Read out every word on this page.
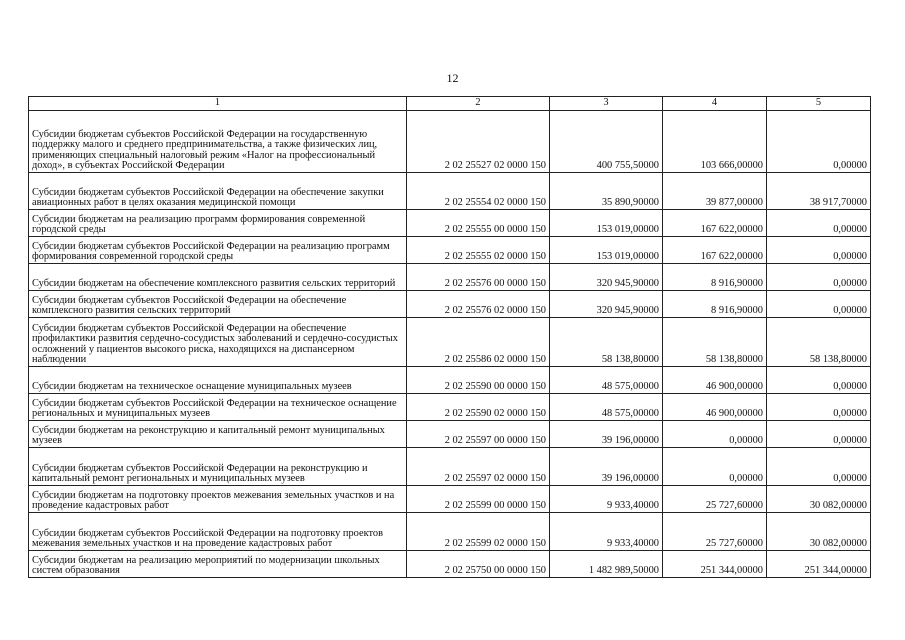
12
1	2	3	4	5
Субсидии бюджетам субъектов Российской Федерации на государственную поддержку малого и среднего предпринимательства, а также физических лиц, применяющих специальный налоговый режим «Налог на профессиональный доход», в субъектах Российской Федерации	2 02 25527 02 0000 150	400 755,50000	103 666,00000	0,00000
Субсидии бюджетам субъектов Российской Федерации на обеспечение закупки авиационных работ в целях оказания медицинской помощи	2 02 25554 02 0000 150	35 890,90000	39 877,00000	38 917,70000
Субсидии бюджетам на реализацию программ формирования современной городской среды	2 02 25555 00 0000 150	153 019,00000	167 622,00000	0,00000
Субсидии бюджетам субъектов Российской Федерации на реализацию программ формирования современной городской среды	2 02 25555 02 0000 150	153 019,00000	167 622,00000	0,00000
Субсидии бюджетам на обеспечение комплексного развития сельских территорий	2 02 25576 00 0000 150	320 945,90000	8 916,90000	0,00000
Субсидии бюджетам субъектов Российской Федерации на обеспечение комплексного развития сельских территорий	2 02 25576 02 0000 150	320 945,90000	8 916,90000	0,00000
Субсидии бюджетам субъектов Российской Федерации на обеспечение профилактики развития сердечно-сосудистых заболеваний и сердечно-сосудистых осложнений у пациентов высокого риска, находящихся на диспансерном наблюдении	2 02 25586 02 0000 150	58 138,80000	58 138,80000	58 138,80000
Субсидии бюджетам на техническое оснащение муниципальных музеев	2 02 25590 00 0000 150	48 575,00000	46 900,00000	0,00000
Субсидии бюджетам субъектов Российской Федерации на техническое оснащение региональных и муниципальных музеев	2 02 25590 02 0000 150	48 575,00000	46 900,00000	0,00000
Субсидии бюджетам на реконструкцию и капитальный ремонт муниципальных музеев	2 02 25597 00 0000 150	39 196,00000	0,00000	0,00000
Субсидии бюджетам субъектов Российской Федерации на реконструкцию и капитальный ремонт региональных и муниципальных музеев	2 02 25597 02 0000 150	39 196,00000	0,00000	0,00000
Субсидии бюджетам на подготовку проектов межевания земельных участков и на проведение кадастровых работ	2 02 25599 00 0000 150	9 933,40000	25 727,60000	30 082,00000
Субсидии бюджетам субъектов Российской Федерации на подготовку проектов межевания земельных участков и на проведение кадастровых работ	2 02 25599 02 0000 150	9 933,40000	25 727,60000	30 082,00000
Субсидии бюджетам на реализацию мероприятий по модернизации школьных систем образования	2 02 25750 00 0000 150	1 482 989,50000	251 344,00000	251 344,00000
